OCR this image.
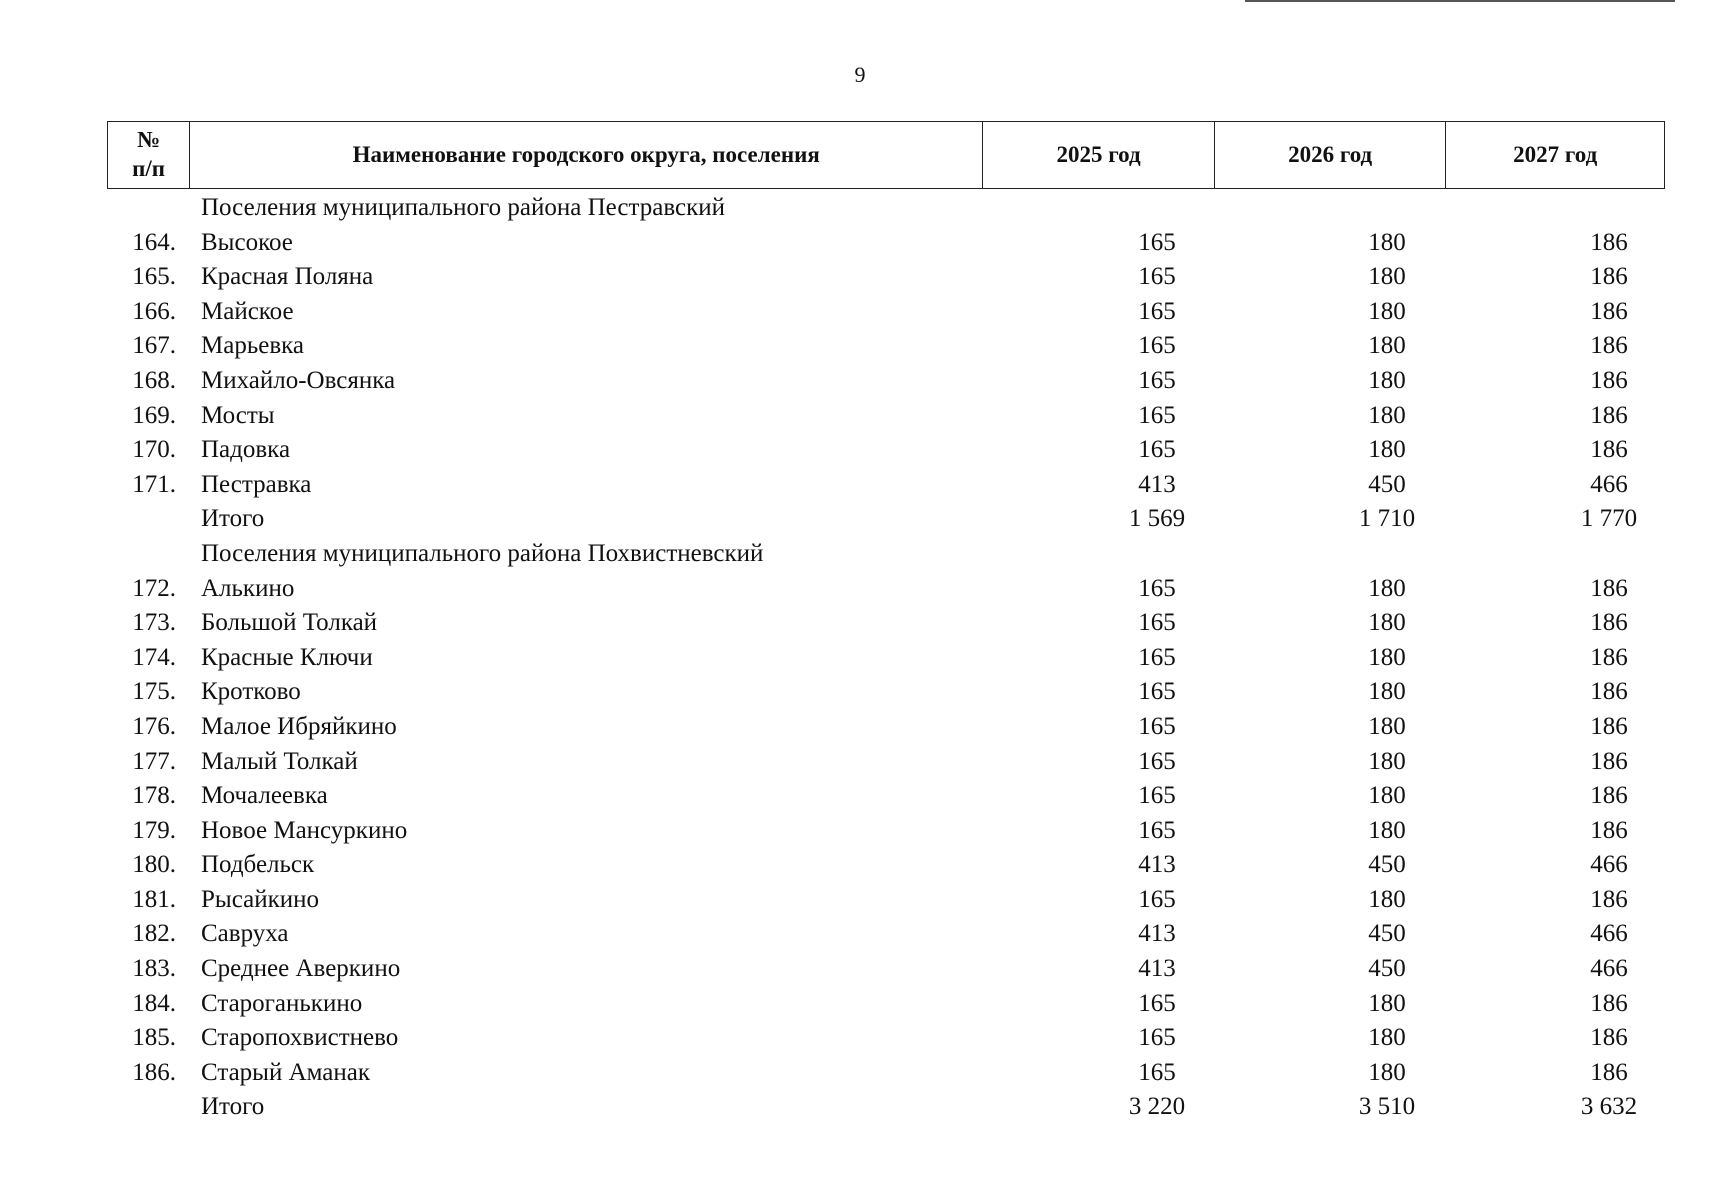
9
№
п/п	Наименование городского округа, поселения	2025 год	2026 год	2027 год
Поселения муниципального района Пестравский
164. Высокое	165	180	186
165. Красная Поляна	165	180	186
166. Майское	165	180	186
167. Марьевка	165	180	186
168. Михайло-Овсянка	165	180	186
169. Мосты	165	180	186
170. Падовка	165	180	186
171. Пестравка	413	450	466
Итого	1 569	1 710	1 770
Поселения муниципального района Похвистневский
172. Алькино	165	180	186
173. Большой Толкай	165	180	186
174. Красные Ключи	165	180	186
175. Кротково	165	180	186
176. Малое Ибряйкино	165	180	186
177. Малый Толкай	165	180	186
178. Мочалеевка	165	180	186
179. Новое Мансуркино	165	180	186
180. Подбельск	413	450	466
181. Рысайкино	165	180	186
182. Савруха	413	450	466
183. Среднее Аверкино	413	450	466
184. Староганькино	165	180	186
185. Старопохвистнево	165	180	186
186. Старый Аманак	165	180	186
Итого	3 220	3 510	3 632
